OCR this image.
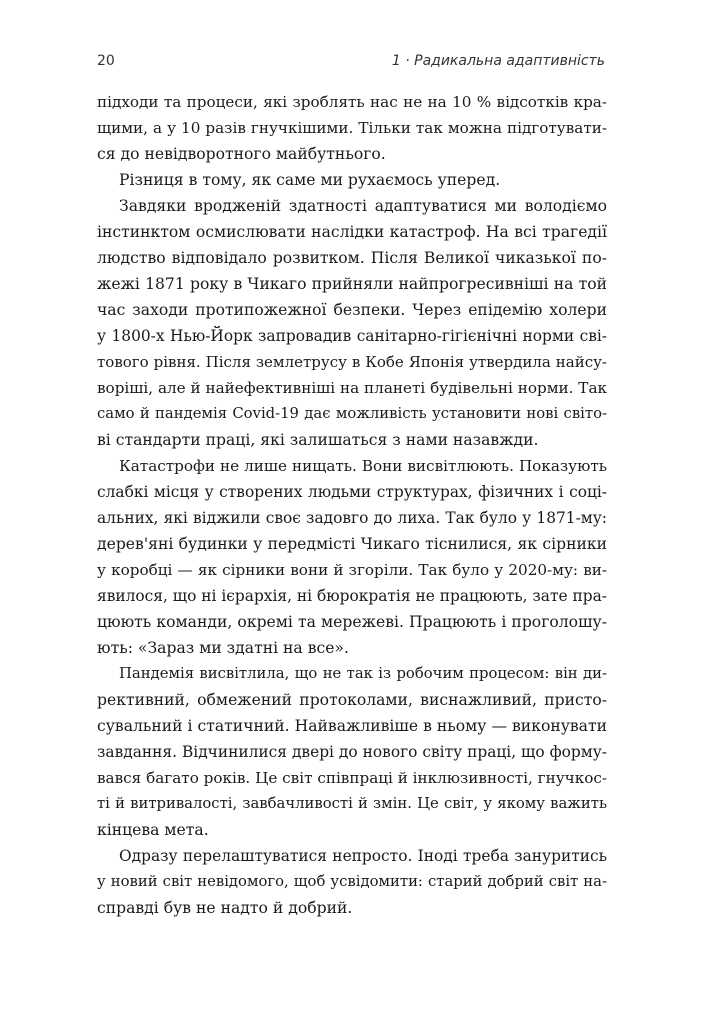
20	1 · Радикальна адаптивність
підходи та процеси, які зроблять нас не на 10 % відсотків кра-
щими, а у 10 разів гнучкішими. Тільки так можна підготувати-
ся до невідворотного майбутнього.
Різниця в тому, як саме ми рухаємось уперед.
Завдяки вродженій здатності адаптуватися ми володіємо
інстинктом осмислювати наслідки катастроф. На всі трагедії
людство відповідало розвитком. Після Великої чиказької по-
жежі 1871 року в Чикаго прийняли найпрогресивніші на той
час заходи протипожежної безпеки. Через епідемію холери
у 1800-х Нью-Йорк запровадив санітарно-гігієнічні норми сві-
тового рівня. Після землетрусу в Кобе Японія утвердила найсу-
воріші, але й найефективніші на планеті будівельні норми. Так
само й пандемія Covid-19 дає можливість установити нові світо-
ві стандарти праці, які залишаться з нами назавжди.
Катастрофи не лише нищать. Вони висвітлюють. Показують
слабкі місця у створених людьми структурах, фізичних і соці-
альних, які віджили своє задовго до лиха. Так було у 1871-му:
дерев'яні будинки у передмісті Чикаго тіснилися, як сірники
у коробці — як сірники вони й згоріли. Так було у 2020-му: ви-
явилося, що ні ієрархія, ні бюрократія не працюють, зате пра-
цюють команди, окремі та мережеві. Працюють і проголошу-
ють: «Зараз ми здатні на все».
Пандемія висвітлила, що не так із робочим процесом: він ди-
рективний, обмежений протоколами, виснажливий, присто-
сувальний і статичний. Найважливіше в ньому — виконувати
завдання. Відчинилися двері до нового світу праці, що форму-
вався багато років. Це світ співпраці й інклюзивності, гнучкос-
ті й витривалості, завбачливості й змін. Це світ, у якому важить
кінцева мета.
Одразу перелаштуватися непросто. Іноді треба зануритись
у новий світ невідомого, щоб усвідомити: старий добрий світ на-
справді був не надто й добрий.
